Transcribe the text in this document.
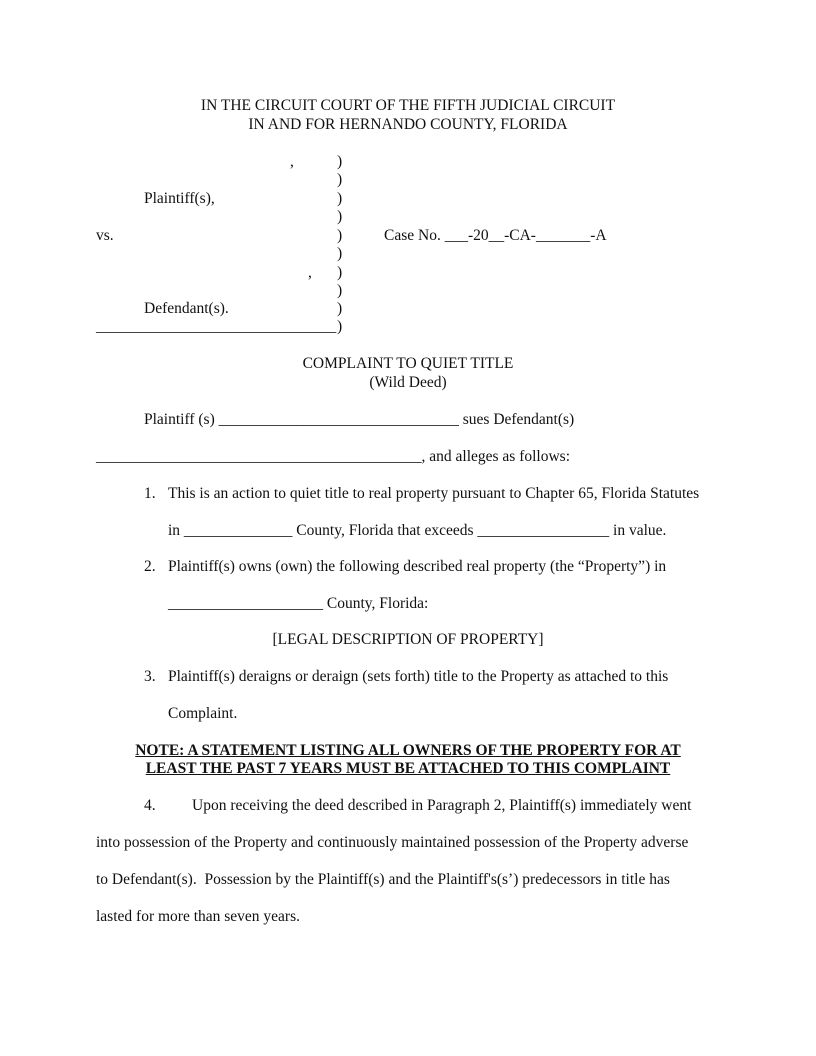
IN THE CIRCUIT COURT OF THE FIFTH JUDICIAL CIRCUIT
IN AND FOR HERNANDO COUNTY, FLORIDA
,
Plaintiff(s),
vs.
,
Defendant(s).
_______________________________
)
)
)
)
)
)
)
)
)
)
Case No. ___-20__-CA-_______-A
COMPLAINT TO QUIET TITLE
(Wild Deed)
Plaintiff (s) _______________________________ sues Defendant(s)
__________________________________________, and alleges as follows:
1. This is an action to quiet title to real property pursuant to Chapter 65, Florida Statutes
in ______________ County, Florida that exceeds _________________ in value.
2. Plaintiff(s) owns (own) the following described real property (the “Property”) in
____________________ County, Florida:
[LEGAL DESCRIPTION OF PROPERTY]
3. Plaintiff(s) deraigns or deraign (sets forth) title to the Property as attached to this
Complaint.
NOTE: A STATEMENT LISTING ALL OWNERS OF THE PROPERTY FOR AT
LEAST THE PAST 7 YEARS MUST BE ATTACHED TO THIS COMPLAINT
4. Upon receiving the deed described in Paragraph 2, Plaintiff(s) immediately went
into possession of the Property and continuously maintained possession of the Property adverse
to Defendant(s).  Possession by the Plaintiff(s) and the Plaintiff's(s’) predecessors in title has
lasted for more than seven years.
